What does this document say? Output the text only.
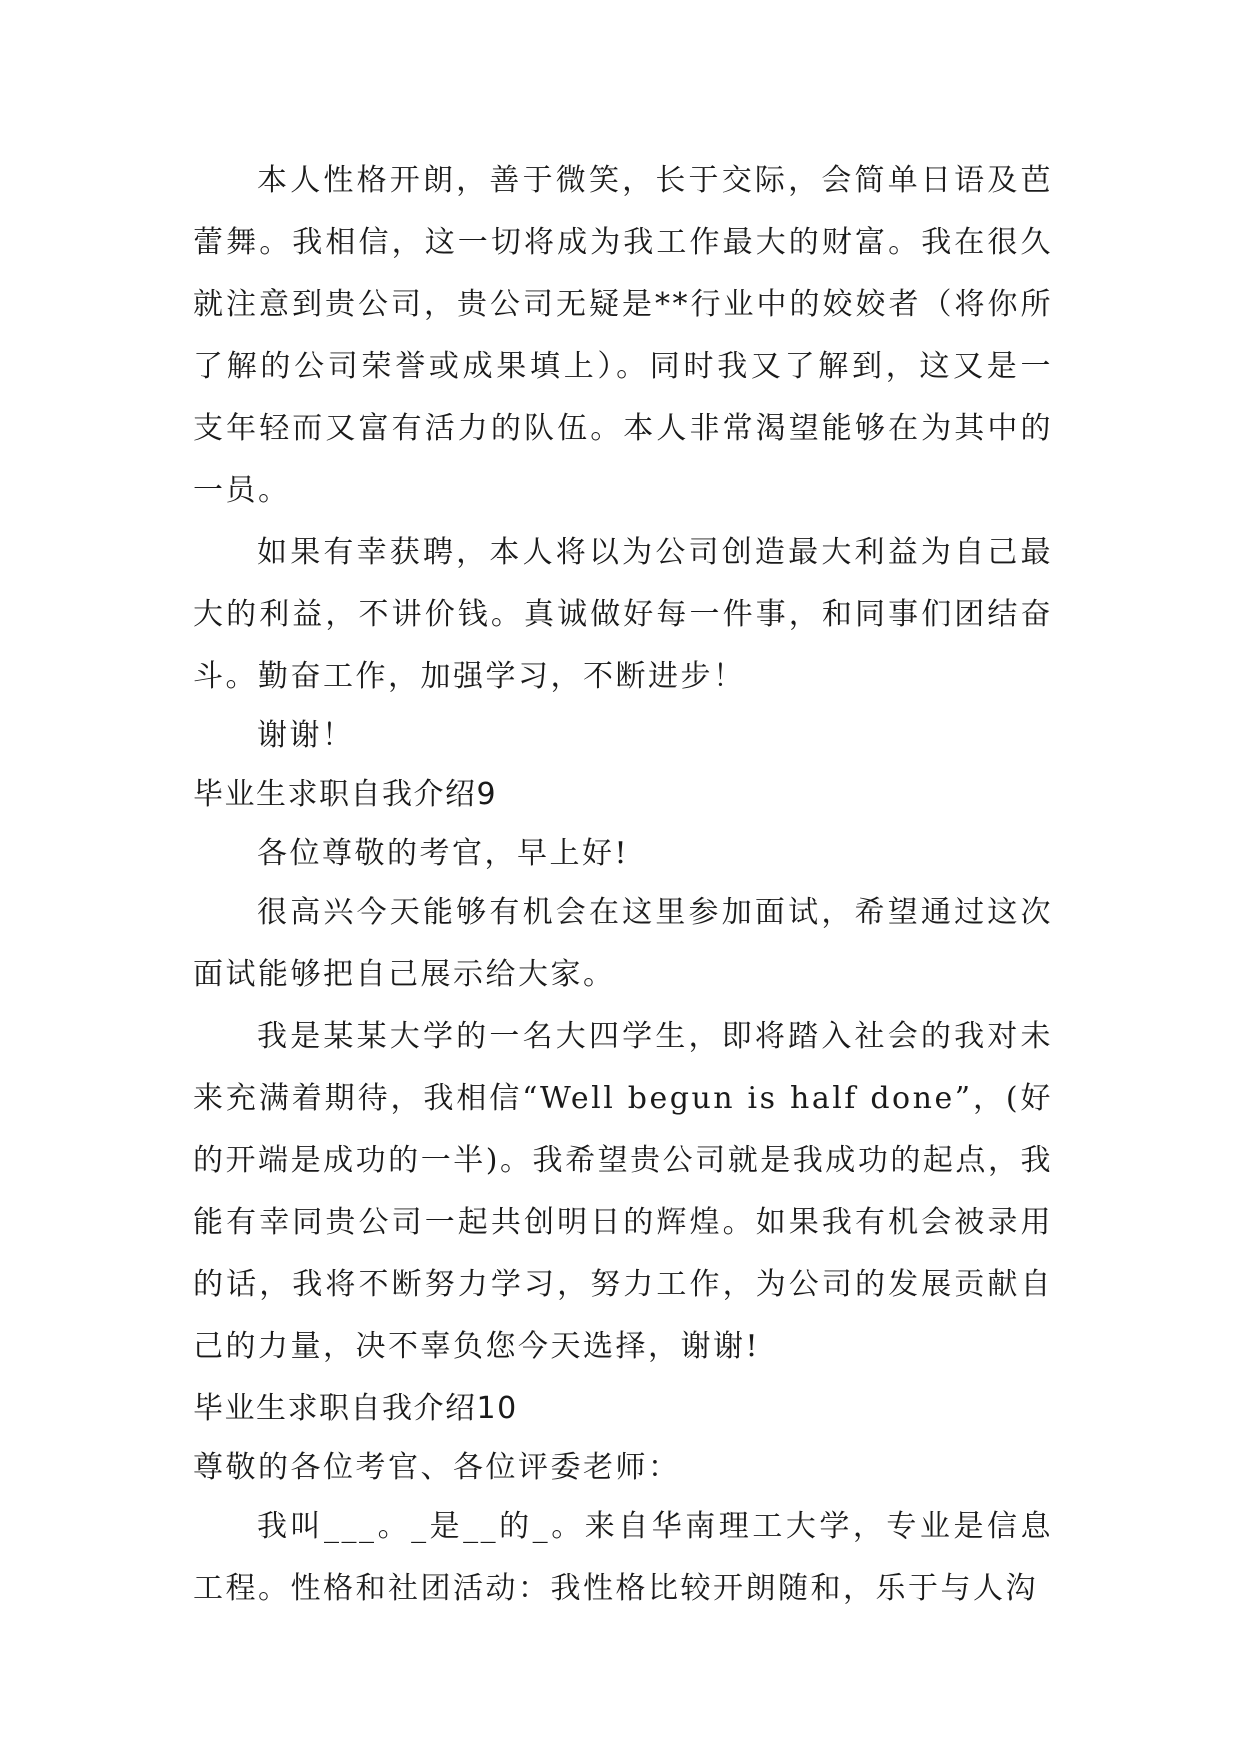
本人性格开朗，善于微笑，长于交际，会简单日语及芭蕾舞。我相信，这一切将成为我工作最大的财富。我在很久就注意到贵公司，贵公司无疑是**行业中的姣姣者（将你所了解的公司荣誉或成果填上）。同时我又了解到，这又是一支年轻而又富有活力的队伍。本人非常渴望能够在为其中的一员。

如果有幸获聘，本人将以为公司创造最大利益为自己最大的利益，不讲价钱。真诚做好每一件事，和同事们团结奋斗。勤奋工作，加强学习，不断进步！

谢谢！

毕业生求职自我介绍9

各位尊敬的考官，早上好!

很高兴今天能够有机会在这里参加面试，希望通过这次面试能够把自己展示给大家。

我是某某大学的一名大四学生，即将踏入社会的我对未来充满着期待，我相信“Well begun is half done”，(好的开端是成功的一半)。我希望贵公司就是我成功的起点，我能有幸同贵公司一起共创明日的辉煌。如果我有机会被录用的话，我将不断努力学习，努力工作，为公司的发展贡献自己的力量，决不辜负您今天选择，谢谢!

毕业生求职自我介绍10

尊敬的各位考官、各位评委老师：

我叫___。_是__的_。来自华南理工大学，专业是信息工程。性格和社团活动：我性格比较开朗随和，乐于与人沟
